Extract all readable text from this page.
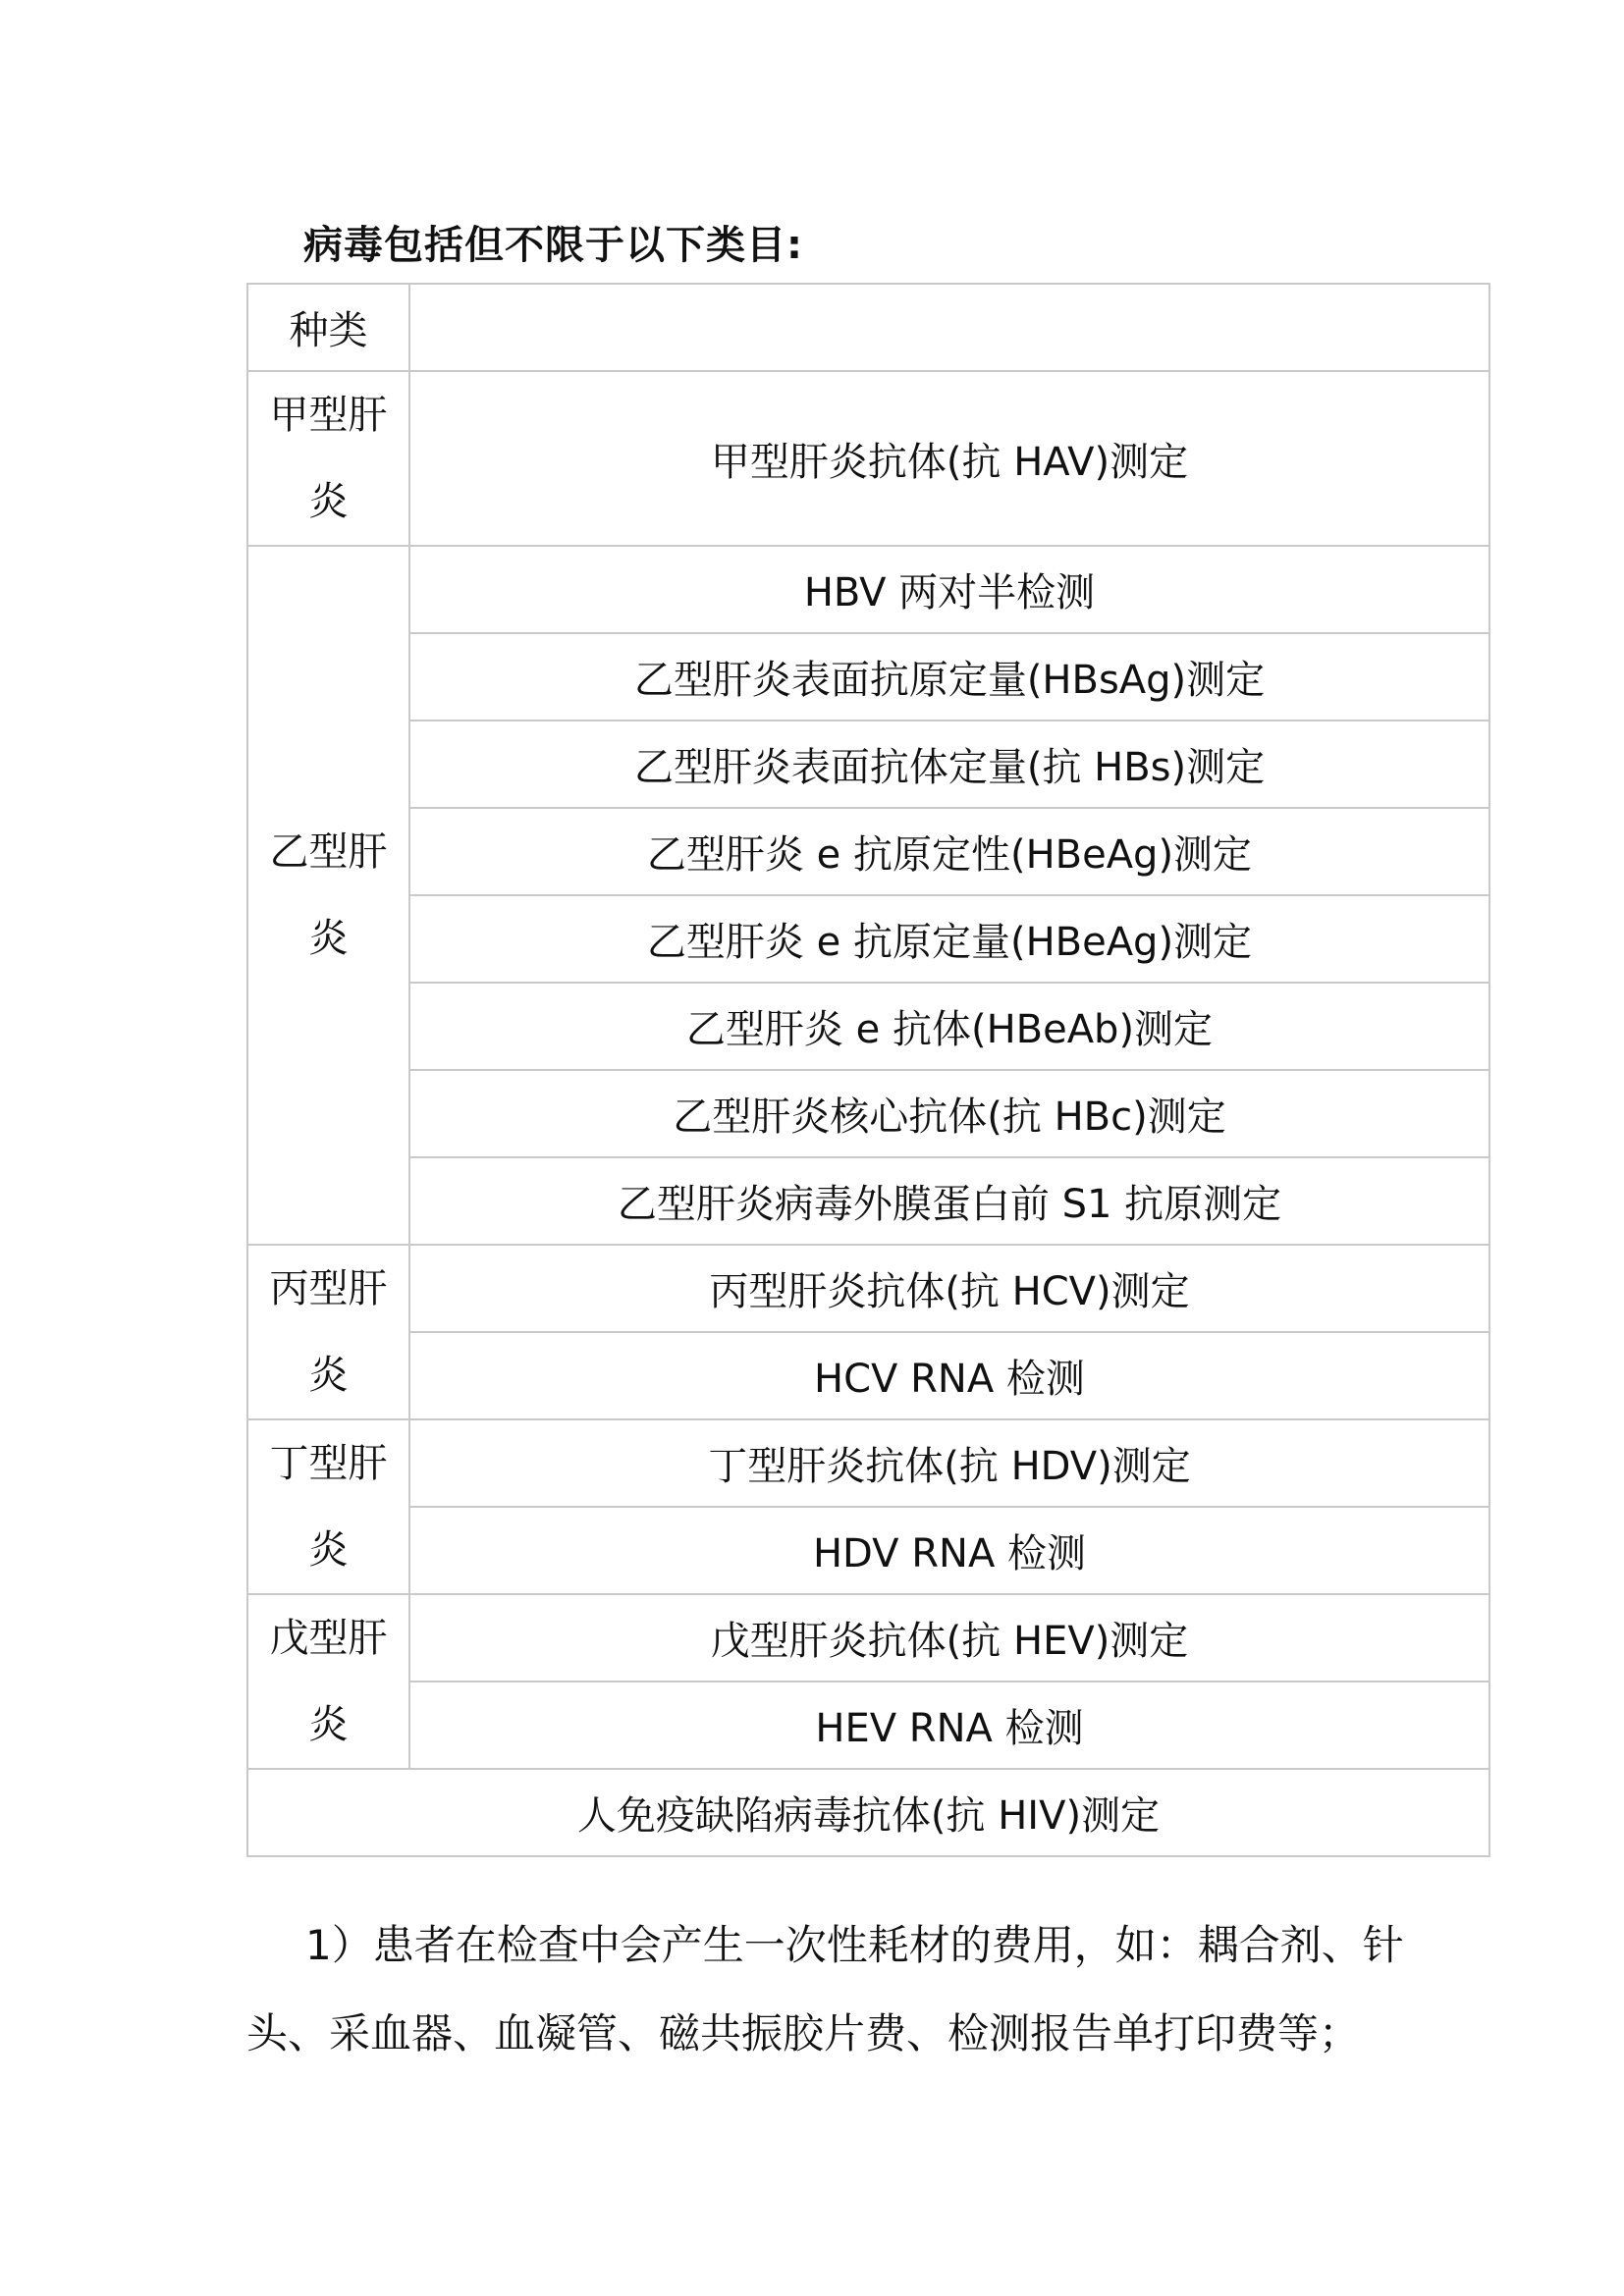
病毒包括但不限于以下类目:
种类	

甲型肝
炎	甲型肝炎抗体(抗 HAV)测定

乙型肝
炎	HBV 两对半检测
	乙型肝炎表面抗原定量(HBsAg)测定
	乙型肝炎表面抗体定量(抗 HBs)测定
	乙型肝炎 e 抗原定性(HBeAg)测定
	乙型肝炎 e 抗原定量(HBeAg)测定
	乙型肝炎 e 抗体(HBeAb)测定
	乙型肝炎核心抗体(抗 HBc)测定
	乙型肝炎病毒外膜蛋白前 S1 抗原测定

丙型肝
炎	丙型肝炎抗体(抗 HCV)测定
	HCV RNA 检测

丁型肝
炎	丁型肝炎抗体(抗 HDV)测定
	HDV RNA 检测

戊型肝
炎	戊型肝炎抗体(抗 HEV)测定
	HEV RNA 检测
人免疫缺陷病毒抗体(抗 HIV)测定	
1）患者在检查中会产生一次性耗材的费用，如：耦合剂、针
头、采血器、血凝管、磁共振胶片费、检测报告单打印费等；
